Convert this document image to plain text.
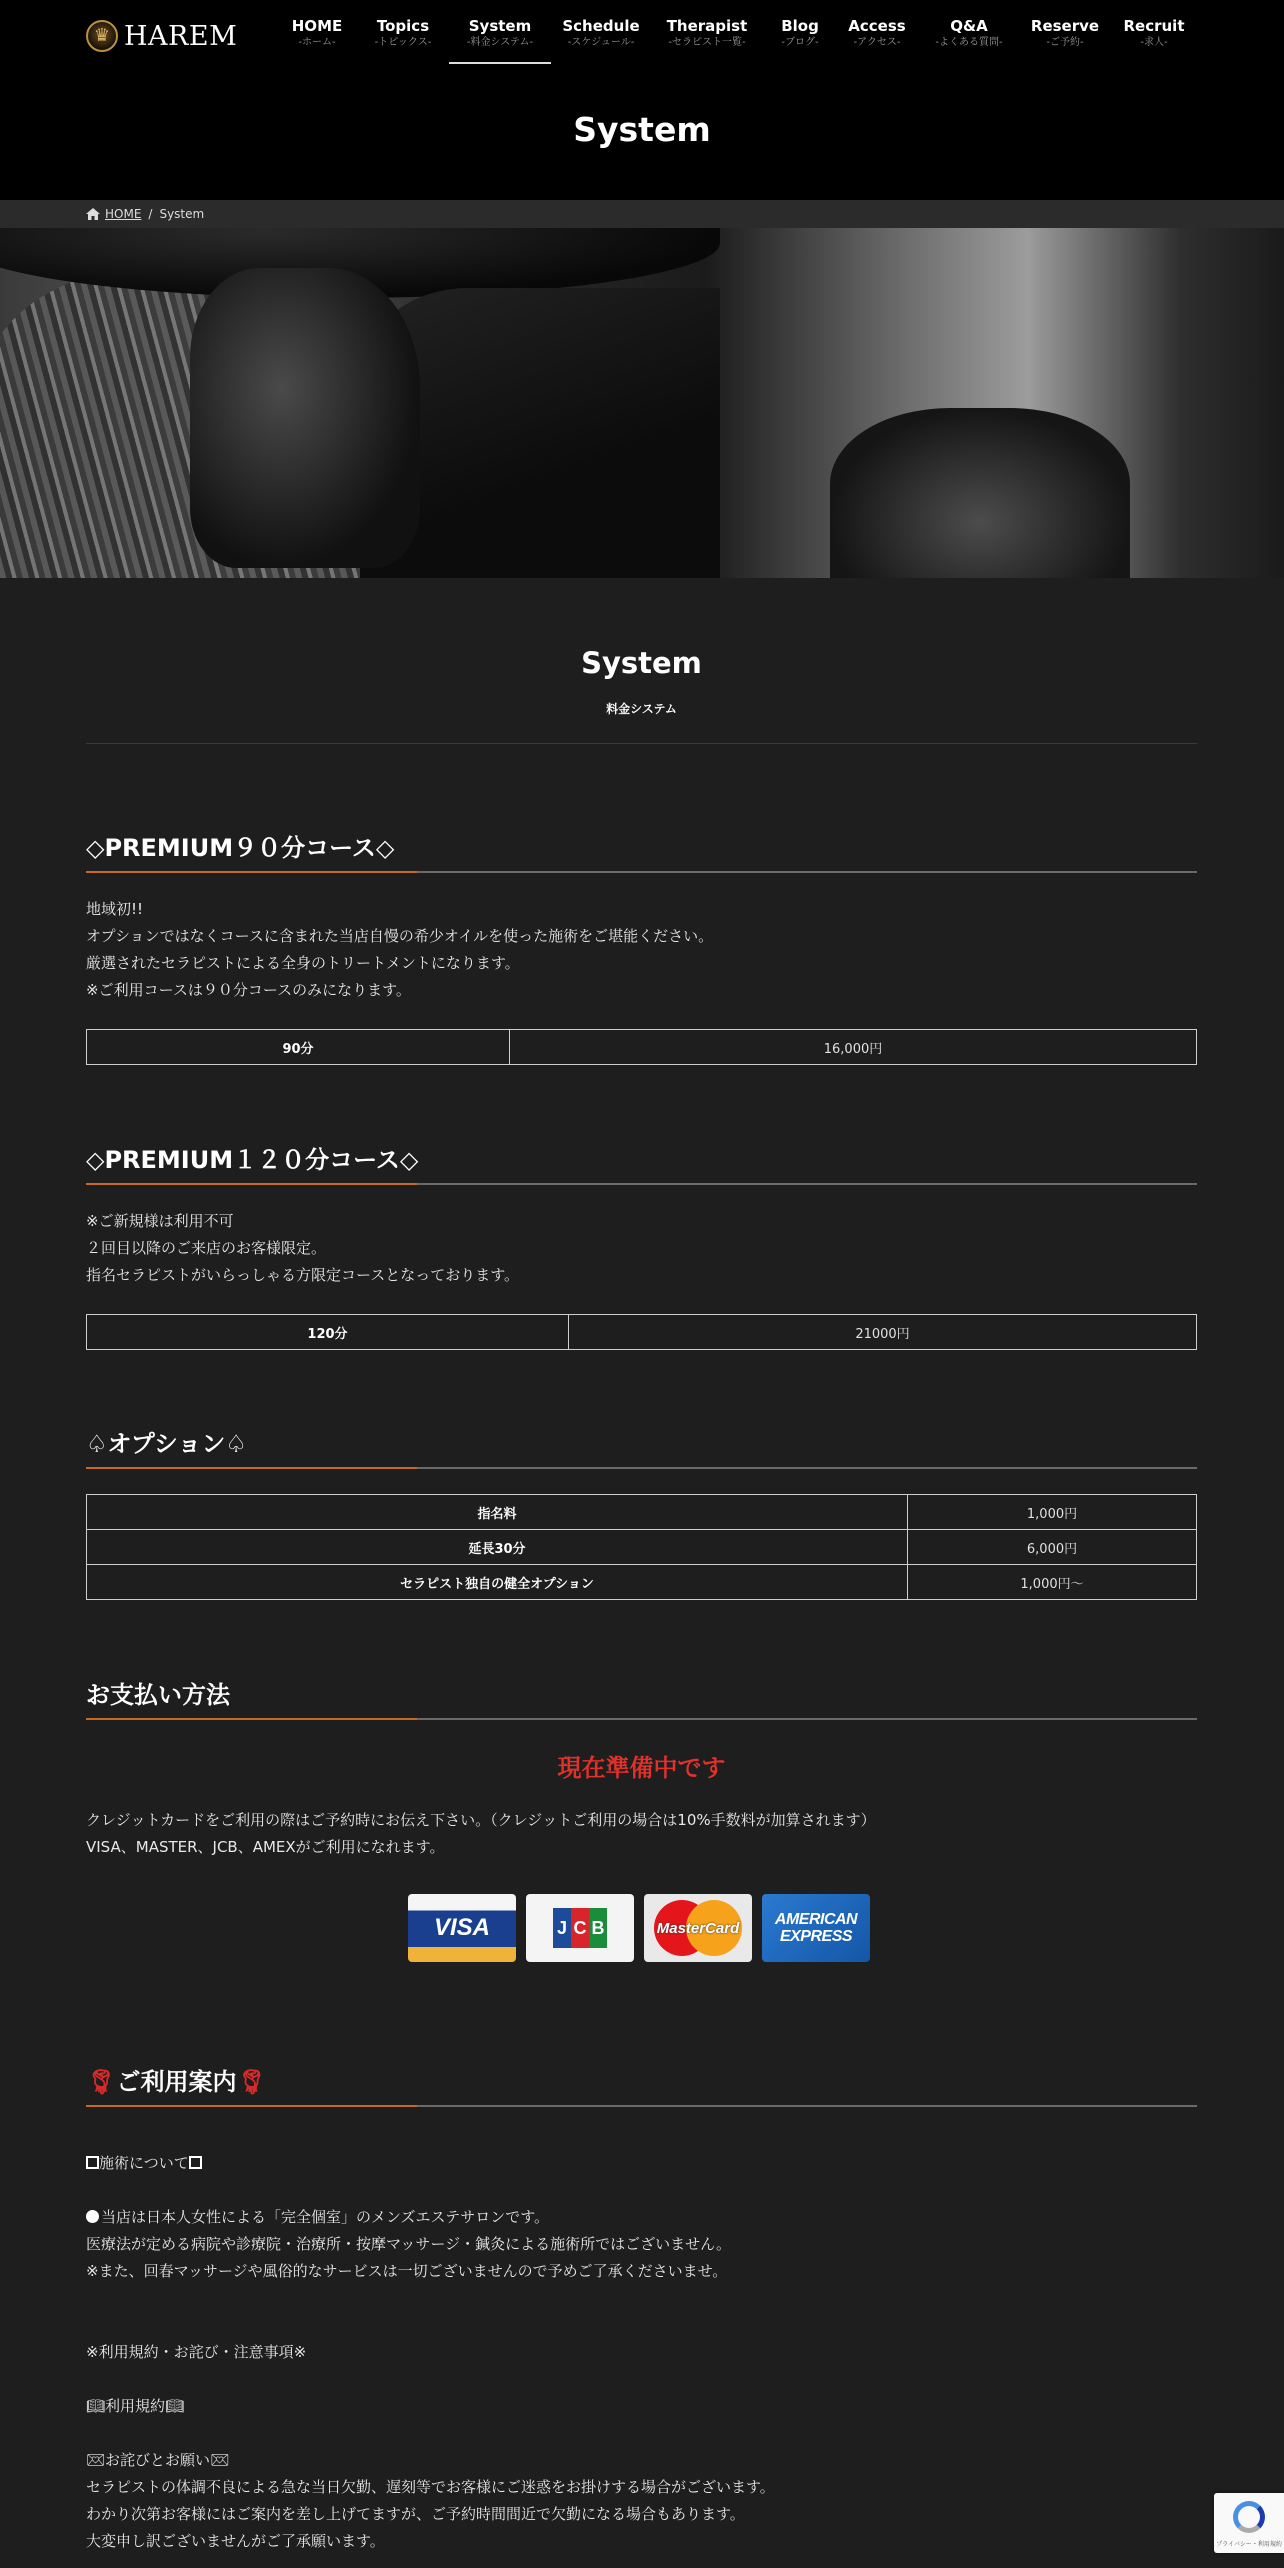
♛
HAREM	HOME
-ホーム-
Topics
-トピックス-
System
-料金システム-
Schedule
-スケジュール-
Therapist
-セラピスト一覧-
Blog
-ブログ-
Access
-アクセス-
Q&A
-よくある質問-
Reserve
-ご予約-
Recruit
-求人-
System
HOME / System
System

料金システム

◇PREMIUM９０分コース◇
地域初!!
オプションではなくコースに含まれた当店自慢の希少オイルを使った施術をご堪能ください。
厳選されたセラピストによる全身のトリートメントになります。
※ご利用コースは９０分コースのみになります。
90分	16,000円
◇PREMIUM１２０分コース◇
※ご新規様は利用不可
２回目以降のご来店のお客様限定。
指名セラピストがいらっしゃる方限定コースとなっております。
120分	21000円
♤オプション♤
指名料	1,000円
延長30分	6,000円
セラピスト独自の健全オプション	1,000円〜
お支払い方法

現在準備中です

クレジットカードをご利用の際はご予約時にお伝え下さい。（クレジットご利用の場合は10%手数料が加算されます）
VISA、MASTER、JCB、AMEXがご利用になれます。
VISA	J C B	MasterCard	AMERICAN EXPRESS
🌹︎ご利用案内🌹︎
施術について
当店は日本人女性による「完全個室」のメンズエステサロンです。
医療法が定める病院や診療院・治療所・按摩マッサージ・鍼灸による施術所ではございません。
※また、回春マッサージや風俗的なサービスは一切ございませんので予めご了承くださいませ。
※利用規約・お詫び・注意事項※
📖︎利用規約📖︎
💌︎お詫びとお願い💌︎
セラピストの体調不良による急な当日欠勤、遅刻等でお客様にご迷惑をお掛けする場合がございます。
わかり次第お客様にはご案内を差し上げてますが、ご予約時間間近で欠勤になる場合もあります。
大変申し訳ございませんがご了承願います。	プライバシー・利用規約
